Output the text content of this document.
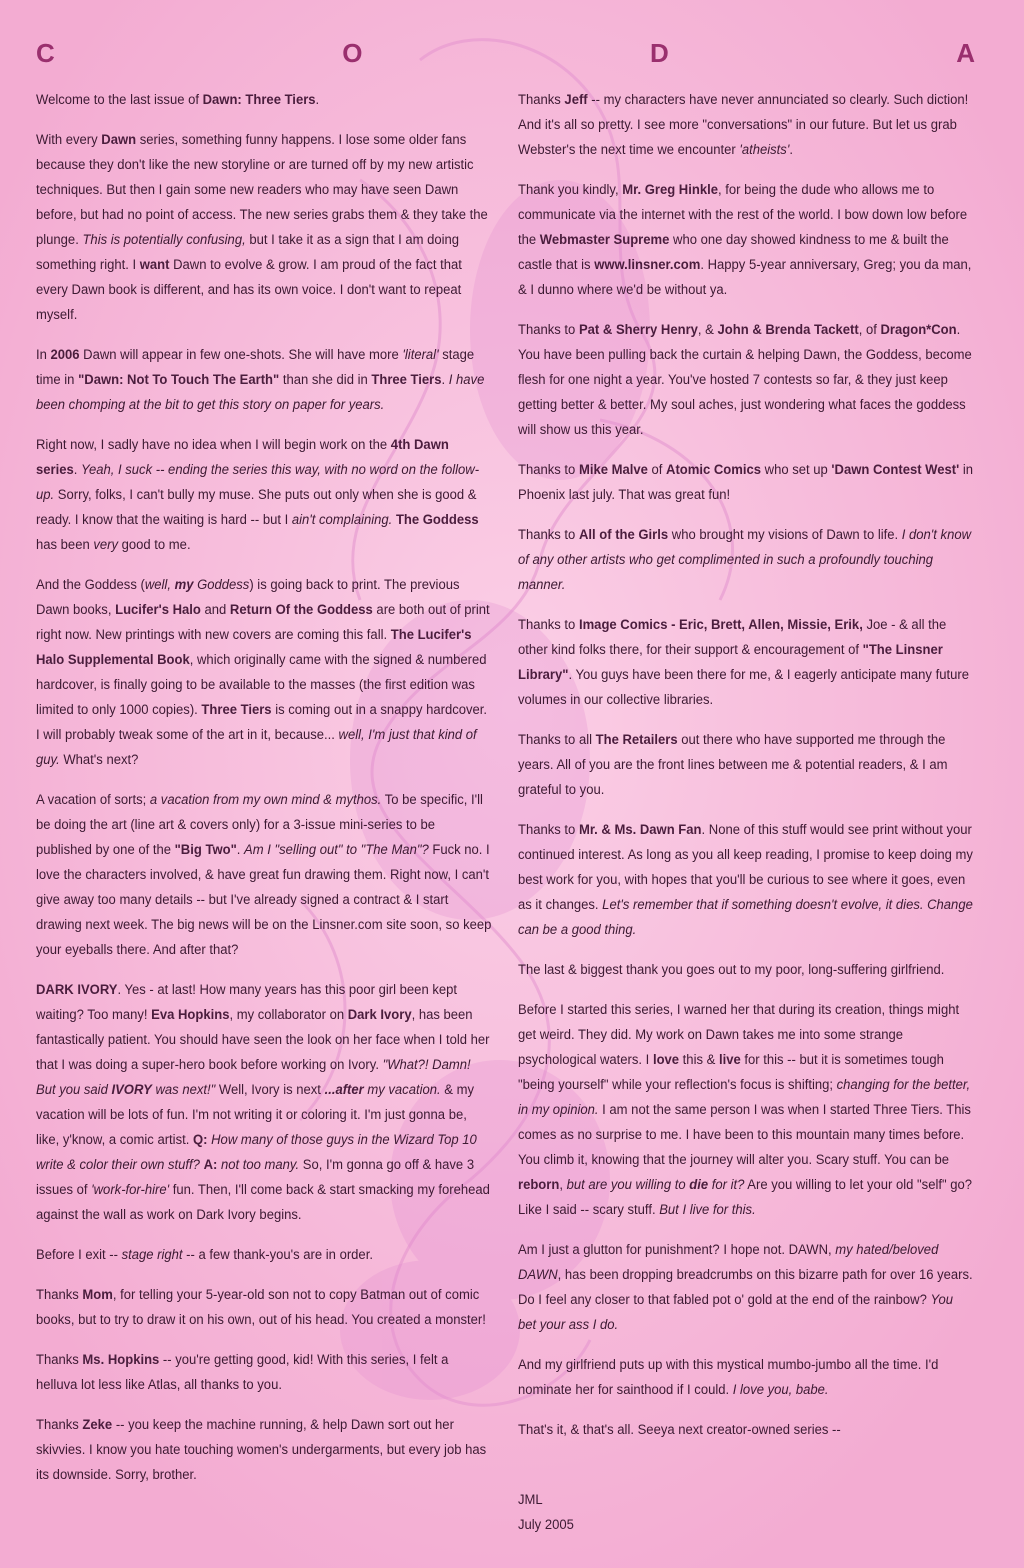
C	O	D	A

Welcome to the last issue of Dawn: Three Tiers.

With every Dawn series, something funny happens. I lose some older fans because they don't like the new storyline or are turned off by my new artistic techniques. But then I gain some new readers who may have seen Dawn before, but had no point of access. The new series grabs them & they take the plunge. This is potentially confusing, but I take it as a sign that I am doing something right. I want Dawn to evolve & grow. I am proud of the fact that every Dawn book is different, and has its own voice. I don't want to repeat myself.

In 2006 Dawn will appear in few one-shots. She will have more 'literal' stage time in "Dawn: Not To Touch The Earth" than she did in Three Tiers. I have been chomping at the bit to get this story on paper for years.

Right now, I sadly have no idea when I will begin work on the 4th Dawn series. Yeah, I suck -- ending the series this way, with no word on the follow-up. Sorry, folks, I can't bully my muse. She puts out only when she is good & ready. I know that the waiting is hard -- but I ain't complaining. The Goddess has been very good to me.

And the Goddess (well, my Goddess) is going back to print. The previous Dawn books, Lucifer's Halo and Return Of the Goddess are both out of print right now. New printings with new covers are coming this fall. The Lucifer's Halo Supplemental Book, which originally came with the signed & numbered hardcover, is finally going to be available to the masses (the first edition was limited to only 1000 copies). Three Tiers is coming out in a snappy hardcover. I will probably tweak some of the art in it, because... well, I'm just that kind of guy. What's next?

A vacation of sorts; a vacation from my own mind & mythos. To be specific, I'll be doing the art (line art & covers only) for a 3-issue mini-series to be published by one of the "Big Two". Am I "selling out" to "The Man"? Fuck no. I love the characters involved, & have great fun drawing them. Right now, I can't give away too many details -- but I've already signed a contract & I start drawing next week. The big news will be on the Linsner.com site soon, so keep your eyeballs there. And after that?

DARK IVORY. Yes - at last! How many years has this poor girl been kept waiting? Too many! Eva Hopkins, my collaborator on Dark Ivory, has been fantastically patient. You should have seen the look on her face when I told her that I was doing a super-hero book before working on Ivory. "What?! Damn! But you said IVORY was next!" Well, Ivory is next ...after my vacation. & my vacation will be lots of fun. I'm not writing it or coloring it. I'm just gonna be, like, y'know, a comic artist. Q: How many of those guys in the Wizard Top 10 write & color their own stuff? A: not too many. So, I'm gonna go off & have 3 issues of 'work-for-hire' fun. Then, I'll come back & start smacking my forehead against the wall as work on Dark Ivory begins.

Before I exit -- stage right -- a few thank-you's are in order.

Thanks Mom, for telling your 5-year-old son not to copy Batman out of comic books, but to try to draw it on his own, out of his head. You created a monster!

Thanks Ms. Hopkins -- you're getting good, kid! With this series, I felt a helluva lot less like Atlas, all thanks to you.

Thanks Zeke -- you keep the machine running, & help Dawn sort out her skivvies. I know you hate touching women's undergarments, but every job has its downside. Sorry, brother.

Thanks Jeff -- my characters have never annunciated so clearly. Such diction! And it's all so pretty. I see more "conversations" in our future. But let us grab Webster's the next time we encounter 'atheists'.

Thank you kindly, Mr. Greg Hinkle, for being the dude who allows me to communicate via the internet with the rest of the world. I bow down low before the Webmaster Supreme who one day showed kindness to me & built the castle that is www.linsner.com. Happy 5-year anniversary, Greg; you da man, & I dunno where we'd be without ya.

Thanks to Pat & Sherry Henry, & John & Brenda Tackett, of Dragon*Con. You have been pulling back the curtain & helping Dawn, the Goddess, become flesh for one night a year. You've hosted 7 contests so far, & they just keep getting better & better. My soul aches, just wondering what faces the goddess will show us this year.

Thanks to Mike Malve of Atomic Comics who set up 'Dawn Contest West' in Phoenix last july. That was great fun!

Thanks to All of the Girls who brought my visions of Dawn to life. I don't know of any other artists who get complimented in such a profoundly touching manner.

Thanks to Image Comics - Eric, Brett, Allen, Missie, Erik, Joe - & all the other kind folks there, for their support & encouragement of "The Linsner Library". You guys have been there for me, & I eagerly anticipate many future volumes in our collective libraries.

Thanks to all The Retailers out there who have supported me through the years. All of you are the front lines between me & potential readers, & I am grateful to you.

Thanks to Mr. & Ms. Dawn Fan. None of this stuff would see print without your continued interest. As long as you all keep reading, I promise to keep doing my best work for you, with hopes that you'll be curious to see where it goes, even as it changes. Let's remember that if something doesn't evolve, it dies. Change can be a good thing.

The last & biggest thank you goes out to my poor, long-suffering girlfriend.

Before I started this series, I warned her that during its creation, things might get weird. They did. My work on Dawn takes me into some strange psychological waters. I love this & live for this -- but it is sometimes tough "being yourself" while your reflection's focus is shifting; changing for the better, in my opinion. I am not the same person I was when I started Three Tiers. This comes as no surprise to me. I have been to this mountain many times before. You climb it, knowing that the journey will alter you. Scary stuff. You can be reborn, but are you willing to die for it? Are you willing to let your old "self" go? Like I said -- scary stuff. But I live for this.

Am I just a glutton for punishment? I hope not. DAWN, my hated/beloved DAWN, has been dropping breadcrumbs on this bizarre path for over 16 years. Do I feel any closer to that fabled pot o' gold at the end of the rainbow? You bet your ass I do.

And my girlfriend puts up with this mystical mumbo-jumbo all the time. I'd nominate her for sainthood if I could. I love you, babe.

That's it, & that's all. Seeya next creator-owned series --

JML
July 2005
